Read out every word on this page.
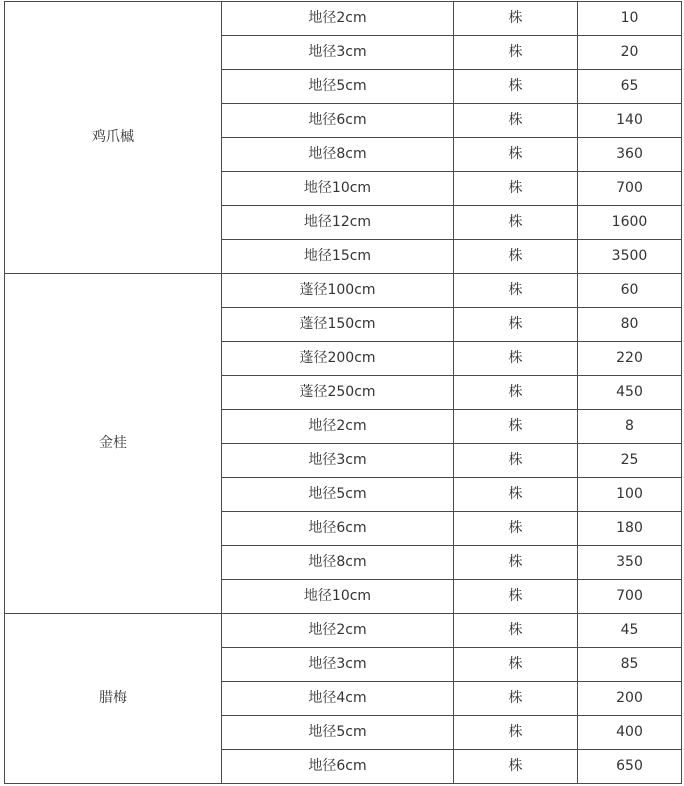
鸡爪槭	地径2cm	株	10
	地径3cm	株	20
	地径5cm	株	65
	地径6cm	株	140
	地径8cm	株	360
	地径10cm	株	700
	地径12cm	株	1600
	地径15cm	株	3500
金桂	蓬径100cm	株	60
	蓬径150cm	株	80
	蓬径200cm	株	220
	蓬径250cm	株	450
	地径2cm	株	8
	地径3cm	株	25
	地径5cm	株	100
	地径6cm	株	180
	地径8cm	株	350
	地径10cm	株	700
腊梅	地径2cm	株	45
	地径3cm	株	85
	地径4cm	株	200
	地径5cm	株	400
	地径6cm	株	650
